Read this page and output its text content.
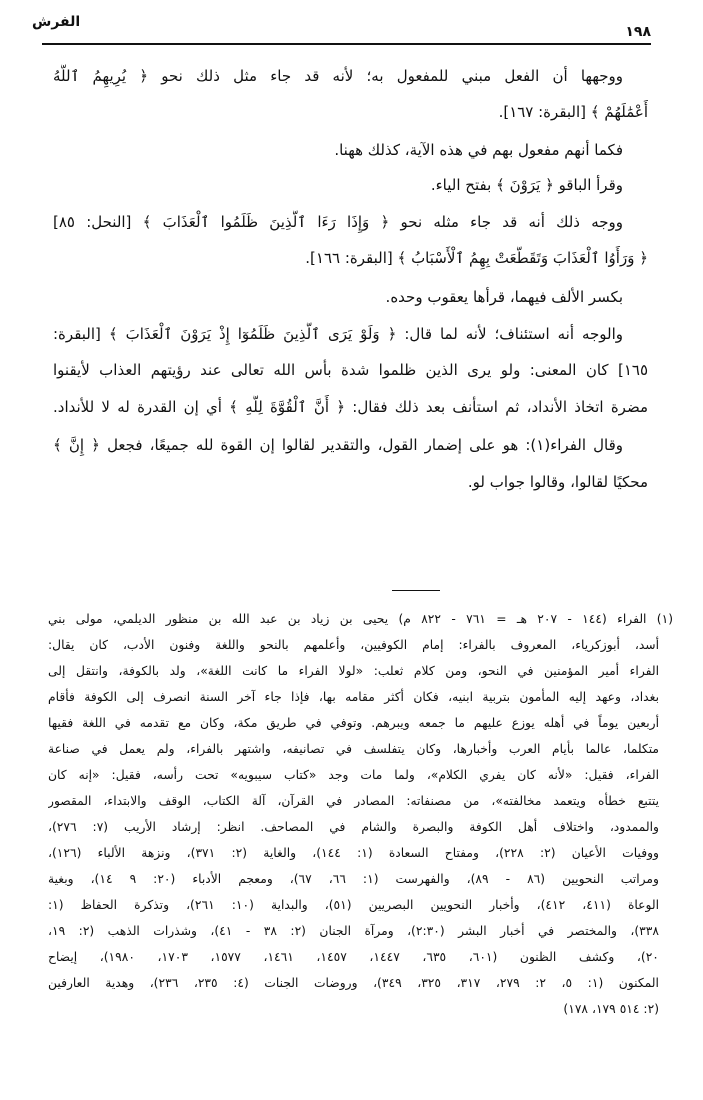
الفرش
١٩٨
ووجهها أن الفعل مبني للمفعول به؛ لأنه قد جاء مثل ذلك نحو ﴿ يُرِيهِمُ ٱللَّهُ
أَعْمَٰلَهُمْ ﴾ [البقرة: ١٦٧].
فكما أنهم مفعول بهم في هذه الآية، كذلك ههنا.
وقرأ الباقو ﴿ يَرَوْنَ ﴾ بفتح الياء.
ووجه ذلك أنه قد جاء مثله نحو ﴿ وَإِذَا رَءَا ٱلَّذِينَ ظَلَمُوا ٱلْعَذَابَ ﴾ [النحل: ٨٥]
﴿ وَرَأَوُا ٱلْعَذَابَ وَتَقَطَّعَتْ بِهِمُ ٱلْأَسْبَابُ ﴾ [البقرة: ١٦٦].
بكسر الألف فيهما، قرأها يعقوب وحده.
والوجه أنه استئناف؛ لأنه لما قال: ﴿ وَلَوْ يَرَى ٱلَّذِينَ ظَلَمُوٓا إِذْ يَرَوْنَ ٱلْعَذَابَ ﴾ [البقرة:
١٦٥] كان المعنى: ولو يرى الذين ظلموا شدة بأس الله تعالى عند رؤيتهم العذاب لأيقنوا
مضرة اتخاذ الأنداد، ثم استأنف بعد ذلك فقال: ﴿ أَنَّ ٱلْقُوَّةَ لِلَّهِ ﴾ أي إن القدرة له لا للأنداد.
وقال الفراء(١): هو على إضمار القول، والتقدير لقالوا إن القوة لله جميعًا، فجعل ﴿ إِنَّ ﴾
محكيًا لقالوا، وقالوا جواب لو.
(١) الفراء (١٤٤ - ٢٠٧ هـ = ٧٦١ - ٨٢٢ م) يحيى بن زياد بن عبد الله بن منظور الديلمي، مولى بني
أسد، أبوزكرياء، المعروف بالفراء: إمام الكوفيين، وأعلمهم بالنحو واللغة وفنون الأدب، كان يقال:
الفراء أمير المؤمنين في النحو، ومن كلام ثعلب: «لولا الفراء ما كانت اللغة»، ولد بالكوفة، وانتقل إلى
بغداد، وعهد إليه المأمون بتربية ابنيه، فكان أكثر مقامه بها، فإذا جاء آخر السنة انصرف إلى الكوفة فأقام
أربعين يوماً في أهله يوزع عليهم ما جمعه ويبرهم. وتوفي في طريق مكة، وكان مع تقدمه في اللغة فقيها
متكلما، عالما بأيام العرب وأخبارها، وكان يتفلسف في تصانيفه، واشتهر بالفراء، ولم يعمل في صناعة
الفراء، فقيل: «لأنه كان يفري الكلام»، ولما مات وجد «كتاب سيبويه» تحت رأسه، فقيل: «إنه كان
يتتبع خطأه ويتعمد مخالفته»، من مصنفاته: المصادر في القرآن، آلة الكتاب، الوقف والابتداء، المقصور
والممدود، واختلاف أهل الكوفة والبصرة والشام في المصاحف. انظر: إرشاد الأريب (٧: ٢٧٦)،
ووفيات الأعيان (٢: ٢٢٨)، ومفتاح السعادة (١: ١٤٤)، والغاية (٢: ٣٧١)، ونزهة الألباء (١٢٦)،
ومراتب النحويين (٨٦ - ٨٩)، والفهرست (١: ٦٦، ٦٧)، ومعجم الأدباء (٢٠: ٩ ١٤)، وبغية
الوعاة (٤١١، ٤١٢)، وأخبار النحويين البصريين (٥١)، والبداية (١٠: ٢٦١)، وتذكرة الحفاظ (١:
٣٣٨)، والمختصر في أخبار البشر (٢:٣٠)، ومرآة الجنان (٢: ٣٨ - ٤١)، وشذرات الذهب (٢: ١٩،
٢٠)، وكشف الظنون (٦٠١، ٦٣٥، ١٤٤٧، ١٤٥٧، ١٤٦١، ١٥٧٧، ١٧٠٣، ١٩٨٠)، إيضاح
المكنون (١: ٥، ٢: ٢٧٩، ٣١٧، ٣٢٥، ٣٤٩)، وروضات الجنات (٤: ٢٣٥، ٢٣٦)، وهدية العارفين
(٢: ٥١٤ ١٧٩، ١٧٨)
